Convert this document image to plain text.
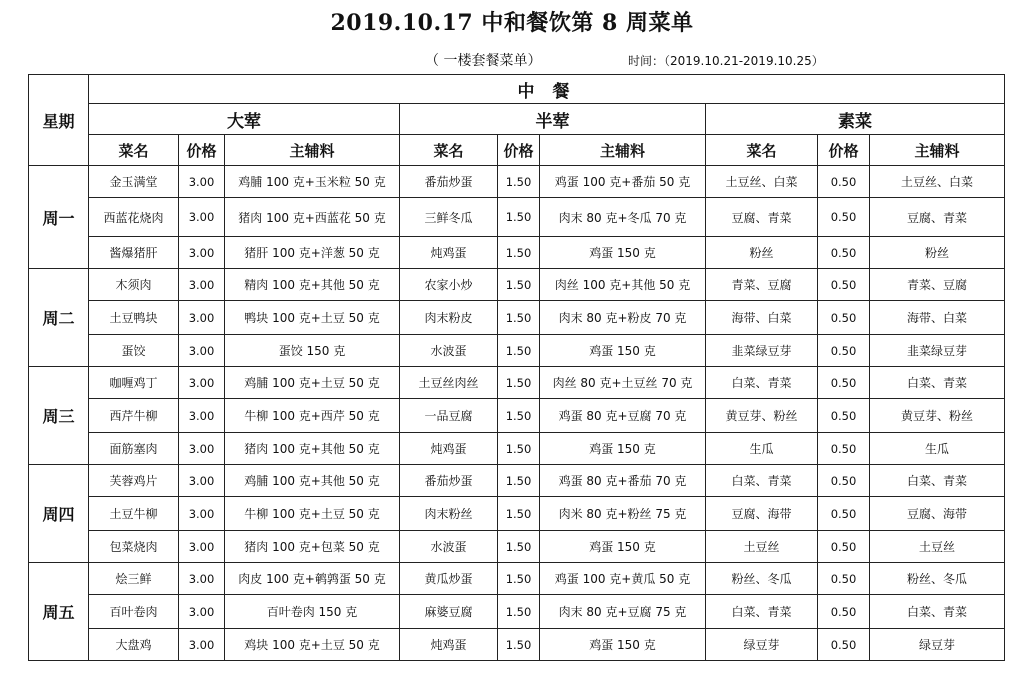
2019.10.17 中和餐饮第 8 周菜单
（ 一楼套餐菜单）	时间：（2019.10.21-2019.10.25）
星期	中 餐								
	大荤			半荤			素菜		
	菜名	价格	主辅料	菜名	价格	主辅料	菜名	价格	主辅料
周一	金玉满堂	3.00	鸡脯 100 克+玉米粒 50 克	番茄炒蛋	1.50	鸡蛋 100 克+番茄 50 克	土豆丝、白菜	0.50	土豆丝、白菜
	西蓝花烧肉	3.00	猪肉 100 克+西蓝花 50 克	三鲜冬瓜	1.50	肉末 80 克+冬瓜 70 克	豆腐、青菜	0.50	豆腐、青菜
	酱爆猪肝	3.00	猪肝 100 克+洋葱 50 克	炖鸡蛋	1.50	鸡蛋 150 克	粉丝	0.50	粉丝
周二	木须肉	3.00	精肉 100 克+其他 50 克	农家小炒	1.50	肉丝 100 克+其他 50 克	青菜、豆腐	0.50	青菜、豆腐
	土豆鸭块	3.00	鸭块 100 克+土豆 50 克	肉末粉皮	1.50	肉末 80 克+粉皮 70 克	海带、白菜	0.50	海带、白菜
	蛋饺	3.00	蛋饺 150 克	水波蛋	1.50	鸡蛋 150 克	韭菜绿豆芽	0.50	韭菜绿豆芽
周三	咖喱鸡丁	3.00	鸡脯 100 克+土豆 50 克	土豆丝肉丝	1.50	肉丝 80 克+土豆丝 70 克	白菜、青菜	0.50	白菜、青菜
	西芹牛柳	3.00	牛柳 100 克+西芹 50 克	一品豆腐	1.50	鸡蛋 80 克+豆腐 70 克	黄豆芽、粉丝	0.50	黄豆芽、粉丝
	面筋塞肉	3.00	猪肉 100 克+其他 50 克	炖鸡蛋	1.50	鸡蛋 150 克	生瓜	0.50	生瓜
周四	芙蓉鸡片	3.00	鸡脯 100 克+其他 50 克	番茄炒蛋	1.50	鸡蛋 80 克+番茄 70 克	白菜、青菜	0.50	白菜、青菜
	土豆牛柳	3.00	牛柳 100 克+土豆 50 克	肉末粉丝	1.50	肉米 80 克+粉丝 75 克	豆腐、海带	0.50	豆腐、海带
	包菜烧肉	3.00	猪肉 100 克+包菜 50 克	水波蛋	1.50	鸡蛋 150 克	土豆丝	0.50	土豆丝
周五	烩三鲜	3.00	肉皮 100 克+鹌鹑蛋 50 克	黄瓜炒蛋	1.50	鸡蛋 100 克+黄瓜 50 克	粉丝、冬瓜	0.50	粉丝、冬瓜
	百叶卷肉	3.00	百叶卷肉 150 克	麻婆豆腐	1.50	肉末 80 克+豆腐 75 克	白菜、青菜	0.50	白菜、青菜
	大盘鸡	3.00	鸡块 100 克+土豆 50 克	炖鸡蛋	1.50	鸡蛋 150 克	绿豆芽	0.50	绿豆芽
